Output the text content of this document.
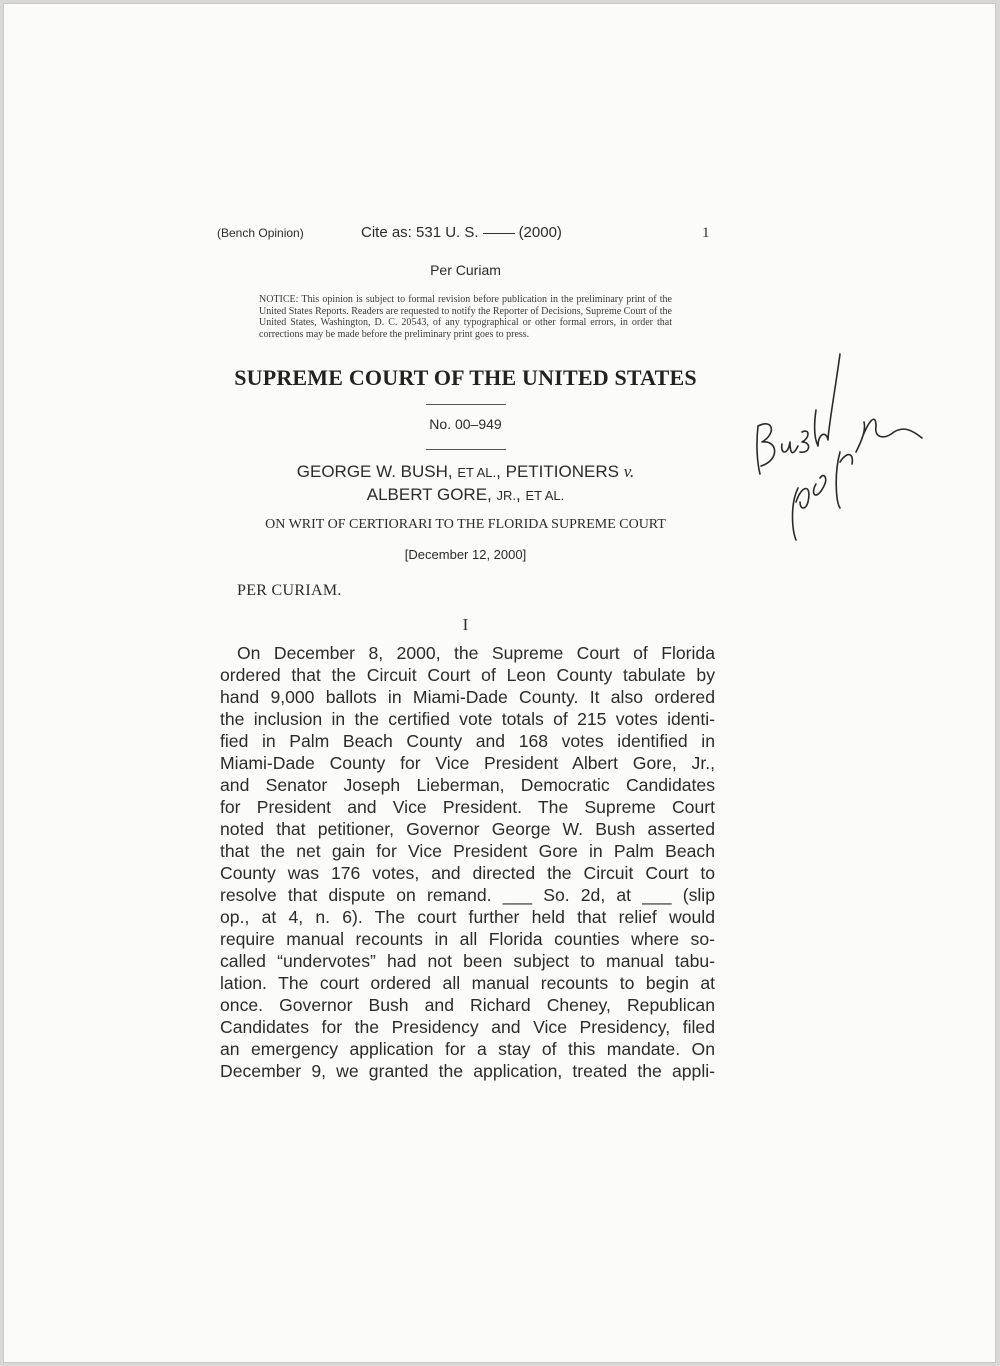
(Bench Opinion)	Cite as: 531 U. S.	(2000)	1
Per Curiam
NOTICE: This opinion is subject to formal revision before publication in the preliminary print of the United States Reports. Readers are requested to notify the Reporter of Decisions, Supreme Court of the United States, Washington, D. C. 20543, of any typographical or other formal errors, in order that corrections may be made before the preliminary print goes to press.
SUPREME COURT OF THE UNITED STATES
No. 00–949
GEORGE W. BUSH, ET AL., PETITIONERS v.
ALBERT GORE, JR., ET AL.
ON WRIT OF CERTIORARI TO THE FLORIDA SUPREME COURT
[December 12, 2000]
PER CURIAM.
I
On December 8, 2000, the Supreme Court of Florida
ordered that the Circuit Court of Leon County tabulate by
hand 9,000 ballots in Miami-Dade County. It also ordered
the inclusion in the certified vote totals of 215 votes identi-
fied in Palm Beach County and 168 votes identified in
Miami-Dade County for Vice President Albert Gore, Jr.,
and Senator Joseph Lieberman, Democratic Candidates
for President and Vice President. The Supreme Court
noted that petitioner, Governor George W. Bush asserted
that the net gain for Vice President Gore in Palm Beach
County was 176 votes, and directed the Circuit Court to
resolve that dispute on remand. ___ So. 2d, at ___ (slip
op., at 4, n. 6). The court further held that relief would
require manual recounts in all Florida counties where so-
called “undervotes” had not been subject to manual tabu-
lation. The court ordered all manual recounts to begin at
once. Governor Bush and Richard Cheney, Republican
Candidates for the Presidency and Vice Presidency, filed
an emergency application for a stay of this mandate. On
December 9, we granted the application, treated the appli-
